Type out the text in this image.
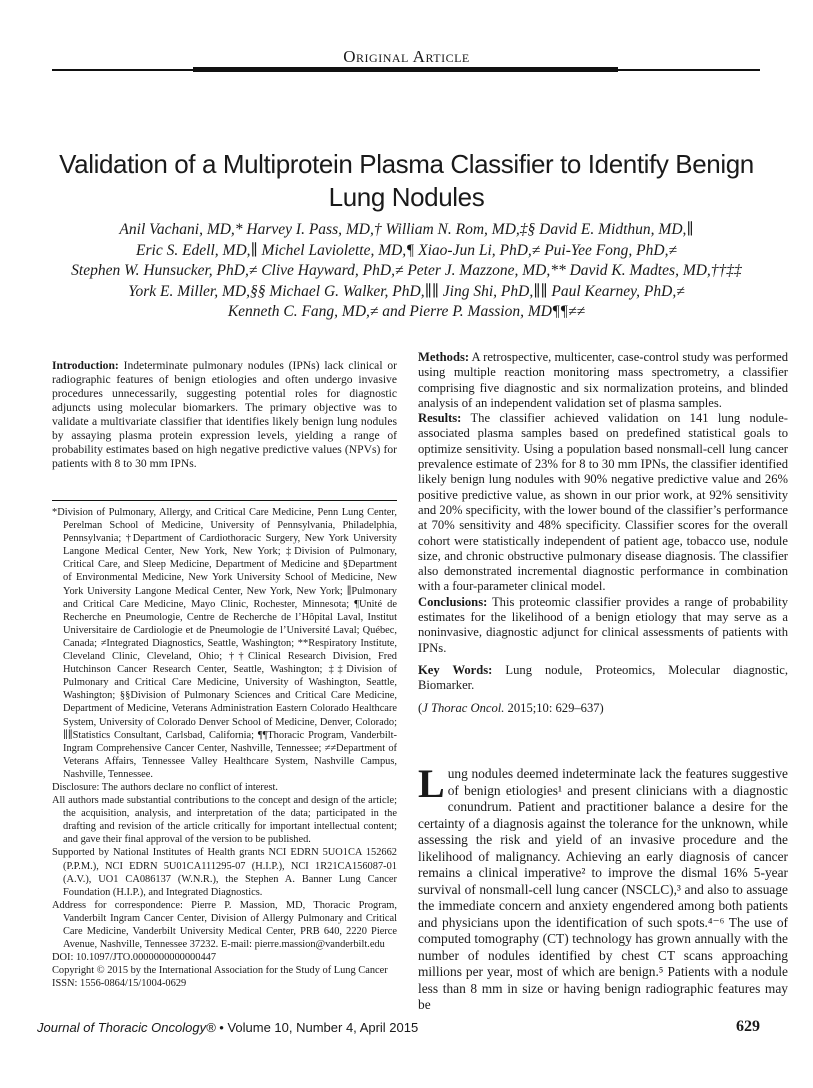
Original Article
Validation of a Multiprotein Plasma Classifier to Identify Benign Lung Nodules
Anil Vachani, MD,* Harvey I. Pass, MD,† William N. Rom, MD,‡§ David E. Midthun, MD,∥
Eric S. Edell, MD,∥ Michel Laviolette, MD,¶ Xiao-Jun Li, PhD,≠ Pui-Yee Fong, PhD,≠
Stephen W. Hunsucker, PhD,≠ Clive Hayward, PhD,≠ Peter J. Mazzone, MD,** David K. Madtes, MD,††‡‡
York E. Miller, MD,§§ Michael G. Walker, PhD,∥∥ Jing Shi, PhD,∥∥ Paul Kearney, PhD,≠
Kenneth C. Fang, MD,≠ and Pierre P. Massion, MD¶¶≠≠
Introduction: Indeterminate pulmonary nodules (IPNs) lack clinical or radiographic features of benign etiologies and often undergo invasive procedures unnecessarily, suggesting potential roles for diagnostic adjuncts using molecular biomarkers. The primary objective was to validate a multivariate classifier that identifies likely benign lung nodules by assaying plasma protein expression levels, yielding a range of probability estimates based on high negative predictive values (NPVs) for patients with 8 to 30 mm IPNs.

*Division of Pulmonary, Allergy, and Critical Care Medicine, Penn Lung Center, Perelman School of Medicine, University of Pennsylvania, Philadelphia, Pennsylvania; †Department of Cardiothoracic Surgery, New York University Langone Medical Center, New York, New York; ‡Division of Pulmonary, Critical Care, and Sleep Medicine, Department of Medicine and §Department of Environmental Medicine, New York University School of Medicine, New York University Langone Medical Center, New York, New York; ∥Pulmonary and Critical Care Medicine, Mayo Clinic, Rochester, Minnesota; ¶Unité de Recherche en Pneumologie, Centre de Recherche de l’Hôpital Laval, Institut Universitaire de Cardiologie et de Pneumologie de l’Université Laval; Québec, Canada; ≠Integrated Diagnostics, Seattle, Washington; **Respiratory Institute, Cleveland Clinic, Cleveland, Ohio; ††Clinical Research Division, Fred Hutchinson Cancer Research Center, Seattle, Washington; ‡‡Division of Pulmonary and Critical Care Medicine, University of Washington, Seattle, Washington; §§Division of Pulmonary Sciences and Critical Care Medicine, Department of Medicine, Veterans Administration Eastern Colorado Healthcare System, University of Colorado Denver School of Medicine, Denver, Colorado; ∥∥Statistics Consultant, Carlsbad, California; ¶¶Thoracic Program, Vanderbilt-Ingram Comprehensive Cancer Center, Nashville, Tennessee; ≠≠Department of Veterans Affairs, Tennessee Valley Healthcare System, Nashville Campus, Nashville, Tennessee.

Disclosure: The authors declare no conflict of interest.

All authors made substantial contributions to the concept and design of the article; the acquisition, analysis, and interpretation of the data; participated in the drafting and revision of the article critically for important intellectual content; and gave their final approval of the version to be published.

Supported by National Institutes of Health grants NCI EDRN 5UO1CA 152662 (P.P.M.), NCI EDRN 5U01CA111295-07 (H.I.P.), NCI 1R21CA156087-01 (A.V.), UO1 CA086137 (W.N.R.), the Stephen A. Banner Lung Cancer Foundation (H.I.P.), and Integrated Diagnostics.

Address for correspondence: Pierre P. Massion, MD, Thoracic Program, Vanderbilt Ingram Cancer Center, Division of Allergy Pulmonary and Critical Care Medicine, Vanderbilt University Medical Center, PRB 640, 2220 Pierce Avenue, Nashville, Tennessee 37232. E-mail: pierre.massion@vanderbilt.edu

DOI: 10.1097/JTO.0000000000000447

Copyright © 2015 by the International Association for the Study of Lung Cancer

ISSN: 1556-0864/15/1004-0629

Methods: A retrospective, multicenter, case-control study was performed using multiple reaction monitoring mass spectrometry, a classifier comprising five diagnostic and six normalization proteins, and blinded analysis of an independent validation set of plasma samples.

Results: The classifier achieved validation on 141 lung nodule-associated plasma samples based on predefined statistical goals to optimize sensitivity. Using a population based nonsmall-cell lung cancer prevalence estimate of 23% for 8 to 30 mm IPNs, the classifier identified likely benign lung nodules with 90% negative predictive value and 26% positive predictive value, as shown in our prior work, at 92% sensitivity and 20% specificity, with the lower bound of the classifier’s performance at 70% sensitivity and 48% specificity. Classifier scores for the overall cohort were statistically independent of patient age, tobacco use, nodule size, and chronic obstructive pulmonary disease diagnosis. The classifier also demonstrated incremental diagnostic performance in combination with a four-parameter clinical model.

Conclusions: This proteomic classifier provides a range of probability estimates for the likelihood of a benign etiology that may serve as a noninvasive, diagnostic adjunct for clinical assessments of patients with IPNs.

Key Words: Lung nodule, Proteomics, Molecular diagnostic, Biomarker.

(J Thorac Oncol. 2015;10: 629–637)

Lung nodules deemed indeterminate lack the features suggestive of benign etiologies¹ and present clinicians with a diagnostic conundrum. Patient and practitioner balance a desire for the certainty of a diagnosis against the tolerance for the unknown, while assessing the risk and yield of an invasive procedure and the likelihood of malignancy. Achieving an early diagnosis of cancer remains a clinical imperative² to improve the dismal 16% 5-year survival of nonsmall-cell lung cancer (NSCLC),³ and also to assuage the immediate concern and anxiety engendered among both patients and physicians upon the identification of such spots.⁴⁻⁶ The use of computed tomography (CT) technology has grown annually with the number of nodules identified by chest CT scans approaching millions per year, most of which are benign.⁵ Patients with a nodule less than 8 mm in size or having benign radiographic features may be
Journal of Thoracic Oncology® • Volume 10, Number 4, April 2015	629
